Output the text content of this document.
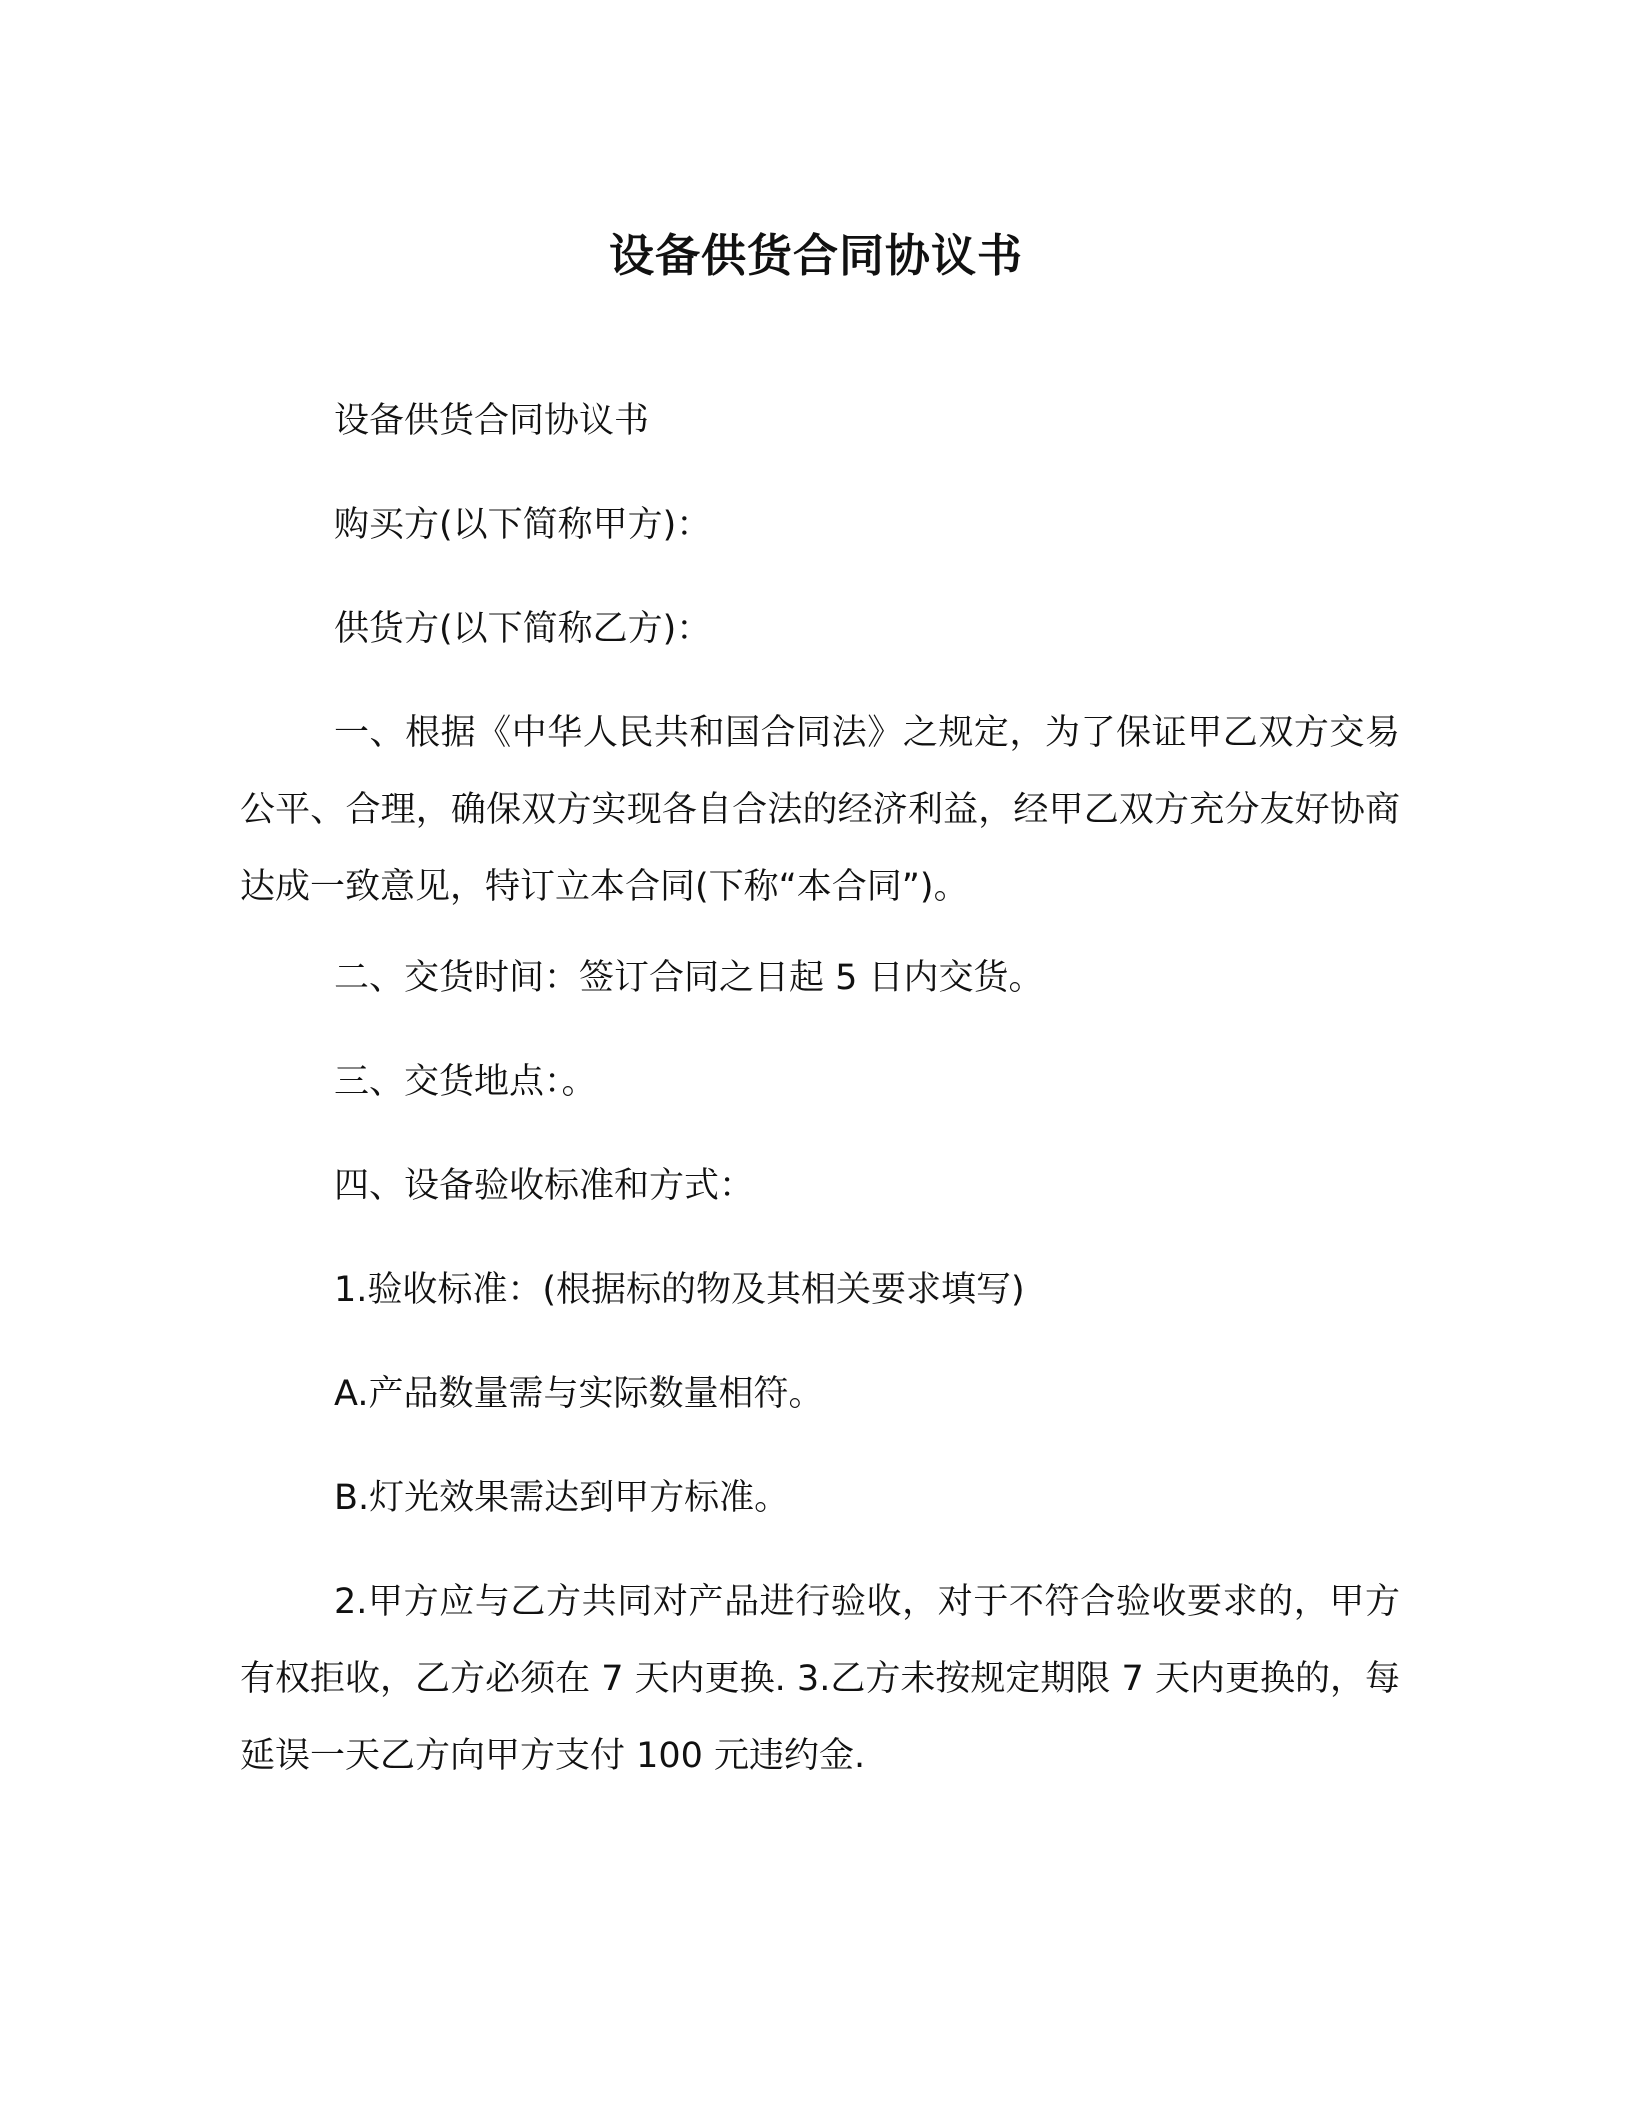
设备供货合同协议书

设备供货合同协议书

购买方(以下简称甲方)：

供货方(以下简称乙方)：

一、根据《中华人民共和国合同法》之规定，为了保证甲乙双方交易公平、合理，确保双方实现各自合法的经济利益，经甲乙双方充分友好协商达成一致意见，特订立本合同(下称“本合同”)。

二、交货时间：签订合同之日起 5 日内交货。

三、交货地点：。

四、设备验收标准和方式：

1.验收标准：(根据标的物及其相关要求填写)

A.产品数量需与实际数量相符。

B.灯光效果需达到甲方标准。

2.甲方应与乙方共同对产品进行验收，对于不符合验收要求的，甲方有权拒收，乙方必须在 7 天内更换. 3.乙方未按规定期限 7 天内更换的，每延误一天乙方向甲方支付 100 元违约金.
